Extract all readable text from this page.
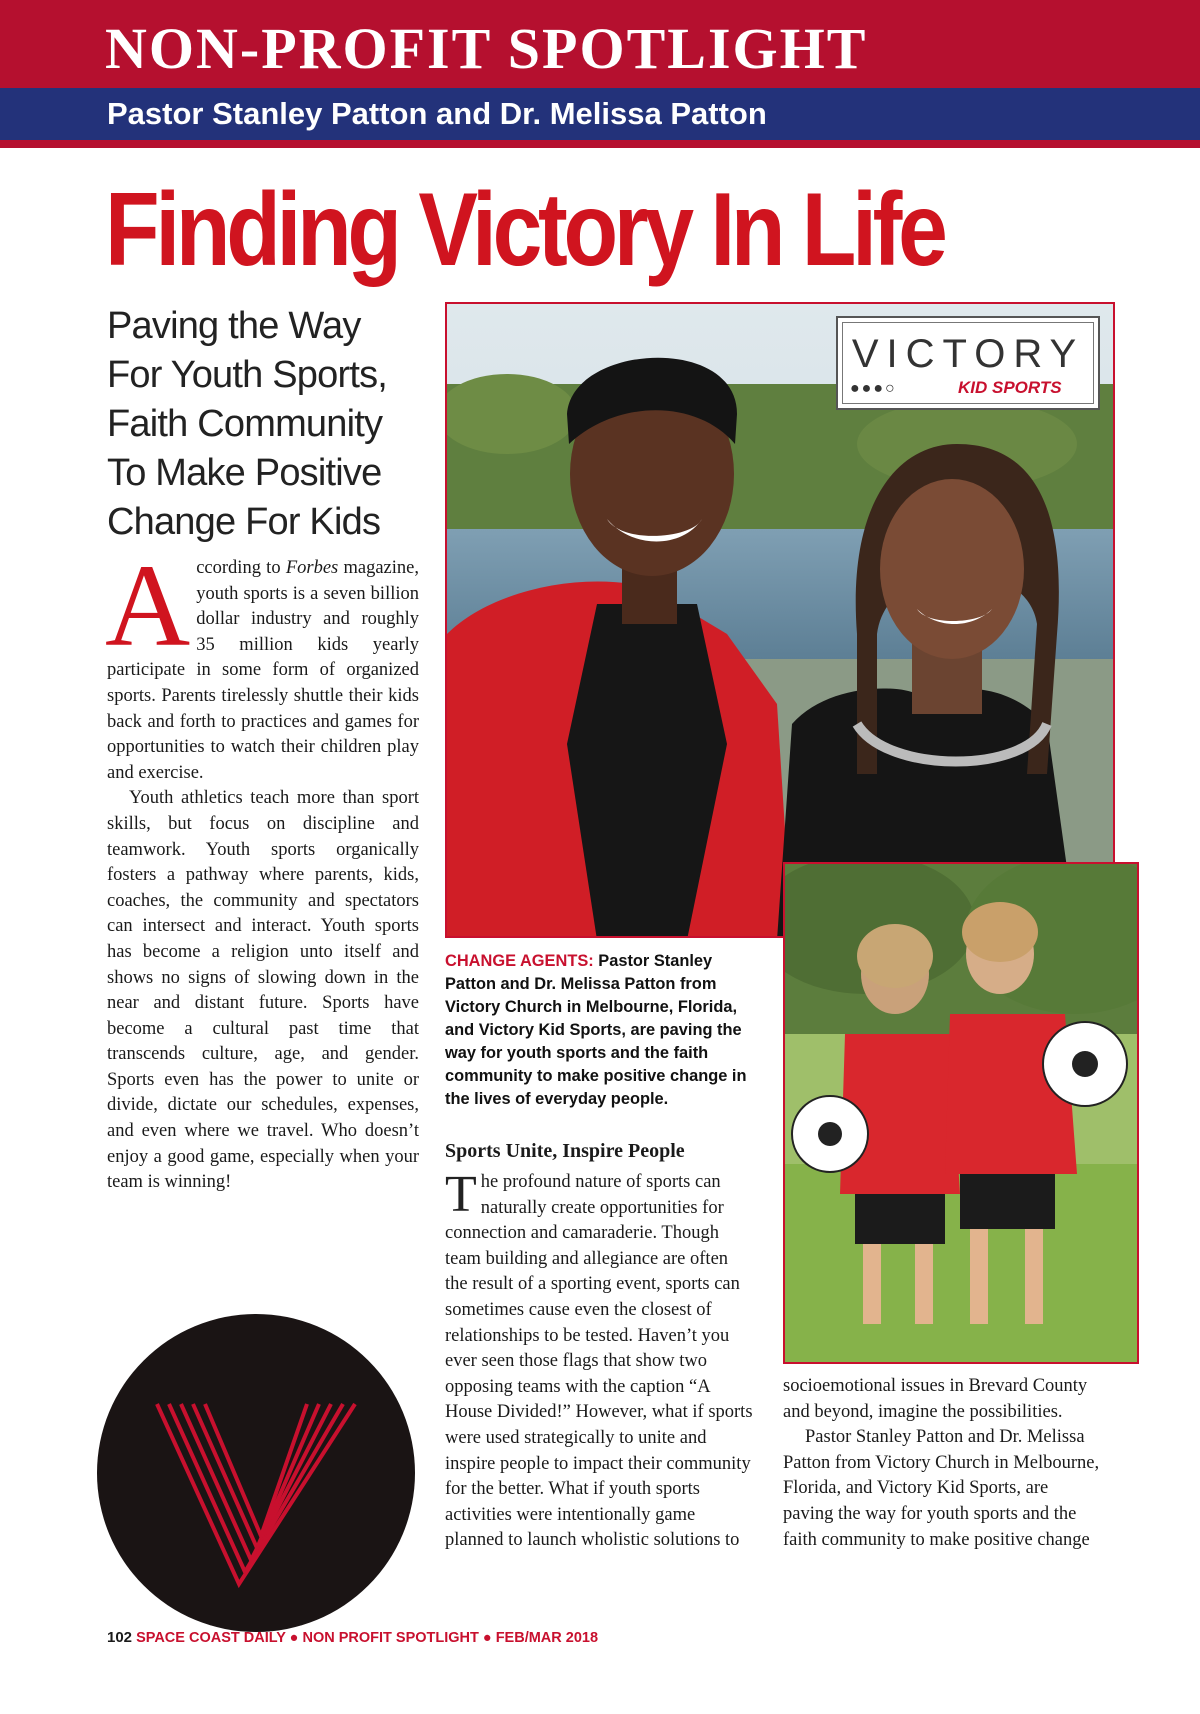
NON-PROFIT SPOTLIGHT
Pastor Stanley Patton and Dr. Melissa Patton
Finding Victory In Life
Paving the Way
For Youth Sports,
Faith Community
To Make Positive
Change For Kids
A ccording to Forbes magazine, youth sports is a seven billion dollar industry and roughly 35 million kids yearly participate in some form of organized sports. Parents tirelessly shuttle their kids back and forth to practices and games for opportunities to watch their children play and exercise.

Youth athletics teach more than sport skills, but focus on discipline and teamwork. Youth sports organically fosters a pathway where parents, kids, coaches, the community and spectators can intersect and interact. Youth sports has become a religion unto itself and shows no signs of slowing down in the near and distant future. Sports have become a cultural past time that transcends culture, age, and gender. Sports even has the power to unite or divide, dictate our schedules, expenses, and even where we travel. Who doesn’t enjoy a good game, especially when your team is winning!

VICTORY
●●●○	KID SPORTS
CHANGE AGENTS: Pastor Stanley Patton and Dr. Melissa Patton from Victory Church in Melbourne, Florida, and Victory Kid Sports, are paving the way for youth sports and the faith community to make positive change in the lives of everyday people.
Sports Unite, Inspire People
T he profound nature of sports can naturally create opportunities for connection and camaraderie. Though team building and allegiance are often the result of a sporting event, sports can sometimes cause even the closest of relationships to be tested. Haven’t you ever seen those flags that show two opposing teams with the caption “A House Divided!” However, what if sports were used strategically to unite and inspire people to impact their community for the better. What if youth sports activities were intentionally game planned to launch wholistic solutions to

socioemotional issues in Brevard County and beyond, imagine the possibilities.

Pastor Stanley Patton and Dr. Melissa Patton from Victory Church in Melbourne, Florida, and Victory Kid Sports, are paving the way for youth sports and the faith community to make positive change

102 SPACE COAST DAILY ● NON PROFIT SPOTLIGHT ● FEB/MAR 2018
